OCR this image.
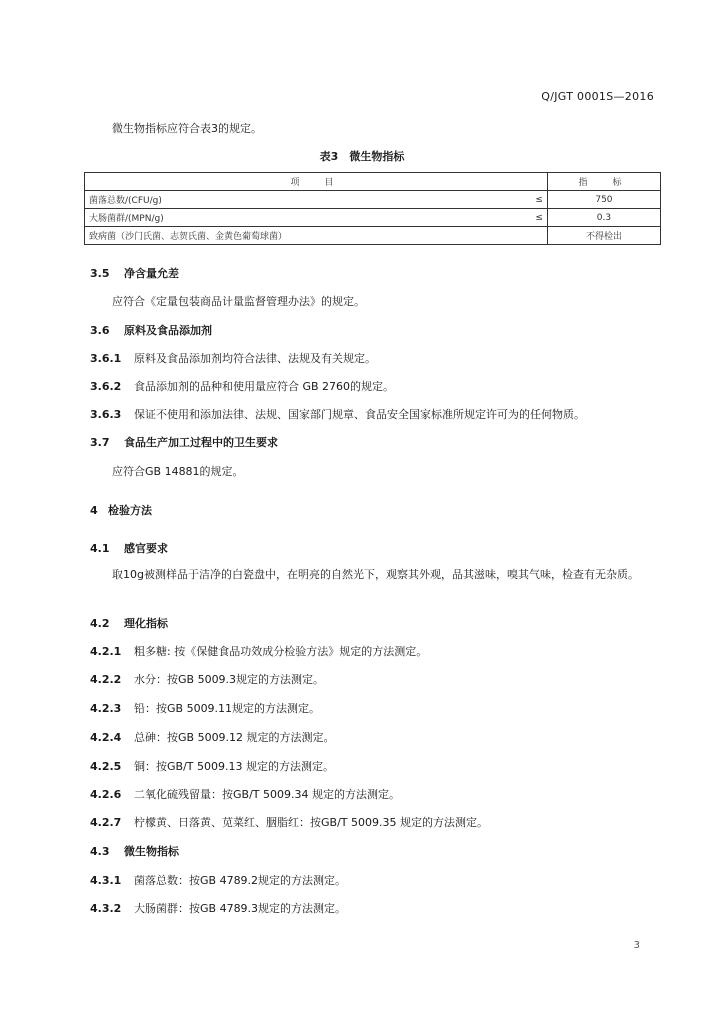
Q/JGT 0001S—2016
微生物指标应符合表3的规定。
表3　微生物指标
项　目		指　标
菌落总数/(CFU/g)	≤	750
大肠菌群/(MPN/g)	≤	0.3
致病菌（沙门氏菌、志贺氏菌、金黄色葡萄球菌）		不得检出
3.5 净含量允差
应符合《定量包装商品计量监督管理办法》的规定。
3.6 原料及食品添加剂
3.6.1 原料及食品添加剂均符合法律、法规及有关规定。
3.6.2 食品添加剂的品种和使用量应符合 GB 2760的规定。
3.6.3 保证不使用和添加法律、法规、国家部门规章、食品安全国家标准所规定许可为的任何物质。
3.7 食品生产加工过程中的卫生要求
应符合GB 14881的规定。
4 检验方法
4.1 感官要求
取10g被测样品于洁净的白瓷盘中，在明亮的自然光下，观察其外观，品其滋味，嗅其气味，检查有无杂质。
4.2 理化指标
4.2.1 粗多糖: 按《保健食品功效成分检验方法》规定的方法测定。
4.2.2 水分：按GB 5009.3规定的方法测定。
4.2.3 铅：按GB 5009.11规定的方法测定。
4.2.4 总砷：按GB 5009.12 规定的方法测定。
4.2.5 铜：按GB/T 5009.13 规定的方法测定。
4.2.6 二氧化硫残留量：按GB/T 5009.34 规定的方法测定。
4.2.7 柠檬黄、日落黄、苋菜红、胭脂红：按GB/T 5009.35 规定的方法测定。
4.3 微生物指标
4.3.1 菌落总数：按GB 4789.2规定的方法测定。
4.3.2 大肠菌群：按GB 4789.3规定的方法测定。
3
